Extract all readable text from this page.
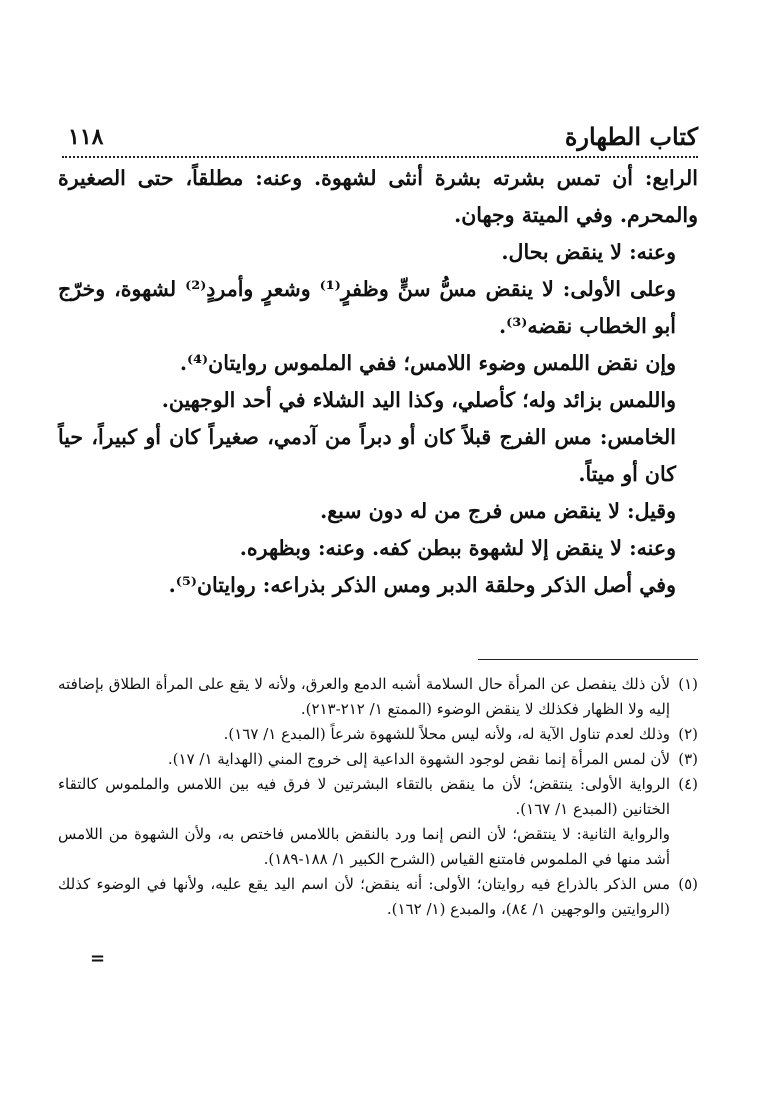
كتاب الطهارة
١١٨

الرابع: أن تمس بشرته بشرة أنثى لشهوة. وعنه: مطلقاً، حتى الصغيرة والمحرم. وفي الميتة وجهان.

وعنه: لا ينقض بحال.

وعلى الأولى: لا ينقض مسُّ سنٍّ وظفرٍ⁽¹⁾ وشعرٍ وأمردٍ⁽²⁾ لشهوة، وخرّج أبو الخطاب نقضه⁽³⁾.

وإن نقض اللمس وضوء اللامس؛ ففي الملموس روايتان⁽⁴⁾.

واللمس بزائد وله؛ كأصلي، وكذا اليد الشلاء في أحد الوجهين.

الخامس: مس الفرج قبلاً كان أو دبراً من آدمي، صغيراً كان أو كبيراً، حياً كان أو ميتاً.

وقيل: لا ينقض مس فرج من له دون سبع.

وعنه: لا ينقض إلا لشهوة ببطن كفه. وعنه: وبظهره.

وفي أصل الذكر وحلقة الدبر ومس الذكر بذراعه: روايتان⁽⁵⁾.

(١)
لأن ذلك ينفصل عن المرأة حال السلامة أشبه الدمع والعرق، ولأنه لا يقع على المرأة الطلاق بإضافته إليه ولا الظهار فكذلك لا ينقض الوضوء (الممتع ١/ ٢١٢-٢١٣).
(٢)
وذلك لعدم تناول الآية له، ولأنه ليس محلاً للشهوة شرعاً (المبدع ١/ ١٦٧).
(٣)
لأن لمس المرأة إنما نقض لوجود الشهوة الداعية إلى خروج المني (الهداية ١/ ١٧).
(٤)
الرواية الأولى: ينتقض؛ لأن ما ينقض بالتقاء البشرتين لا فرق فيه بين اللامس والملموس كالتقاء الختانين (المبدع ١/ ١٦٧).
والرواية الثانية: لا ينتقض؛ لأن النص إنما ورد بالنقض باللامس فاختص به، ولأن الشهوة من اللامس أشد منها في الملموس فامتنع القياس (الشرح الكبير ١/ ١٨٨-١٨٩).
(٥)
مس الذكر بالذراع فيه روايتان؛ الأولى: أنه ينقض؛ لأن اسم اليد يقع عليه، ولأنها في الوضوء كذلك (الروايتين والوجهين ١/ ٨٤)، والمبدع (١/ ١٦٢).
=
